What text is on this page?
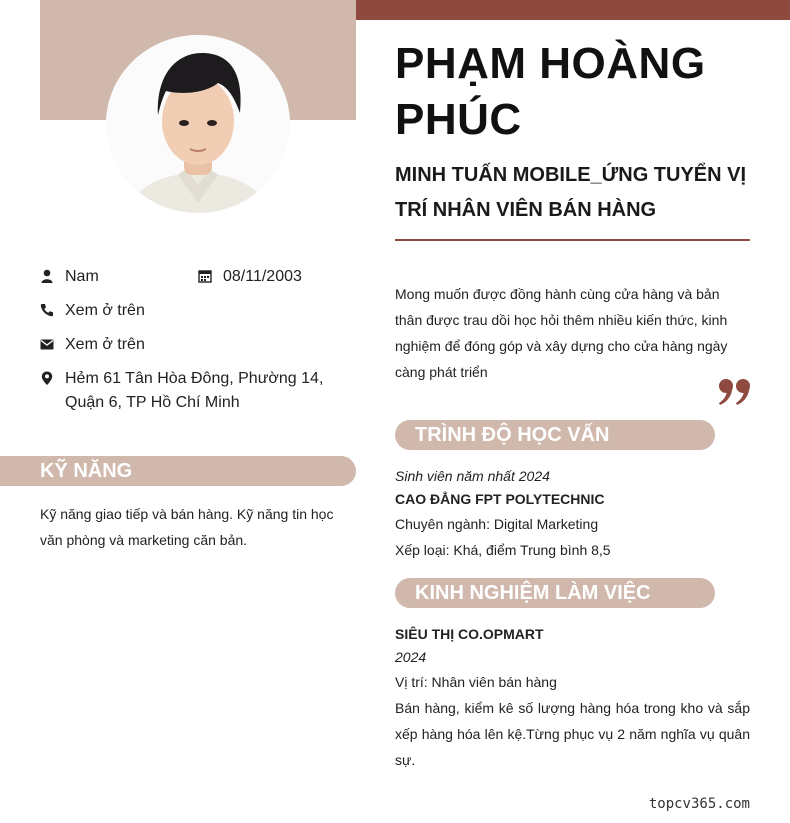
PHẠM HOÀNG PHÚC
MINH TUẤN MOBILE_ỨNG TUYỂN VỊ TRÍ NHÂN VIÊN BÁN HÀNG
Nam	08/11/2003
Xem ở trên
Xem ở trên
Hẻm 61 Tân Hòa Đông, Phường 14, Quận 6, TP Hồ Chí Minh
KỸ NĂNG
Kỹ năng giao tiếp và bán hàng. Kỹ năng tin học văn phòng và marketing căn bản.
Mong muốn được đồng hành cùng cửa hàng và bản thân được trau dồi học hỏi thêm nhiều kiến thức, kinh nghiệm để đóng góp và xây dựng cho cửa hàng ngày càng phát triển
TRÌNH ĐỘ HỌC VẤN
Sinh viên năm nhất 2024
CAO ĐẲNG FPT POLYTECHNIC
Chuyên ngành: Digital Marketing
Xếp loại: Khá, điểm Trung bình 8,5
KINH NGHIỆM LÀM VIỆC
SIÊU THỊ CO.OPMART
2024
Vị trí: Nhân viên bán hàng
Bán hàng, kiểm kê số lượng hàng hóa trong kho và sắp xếp hàng hóa lên kệ.Từng phục vụ 2 năm nghĩa vụ quân sự.
topcv365.com
